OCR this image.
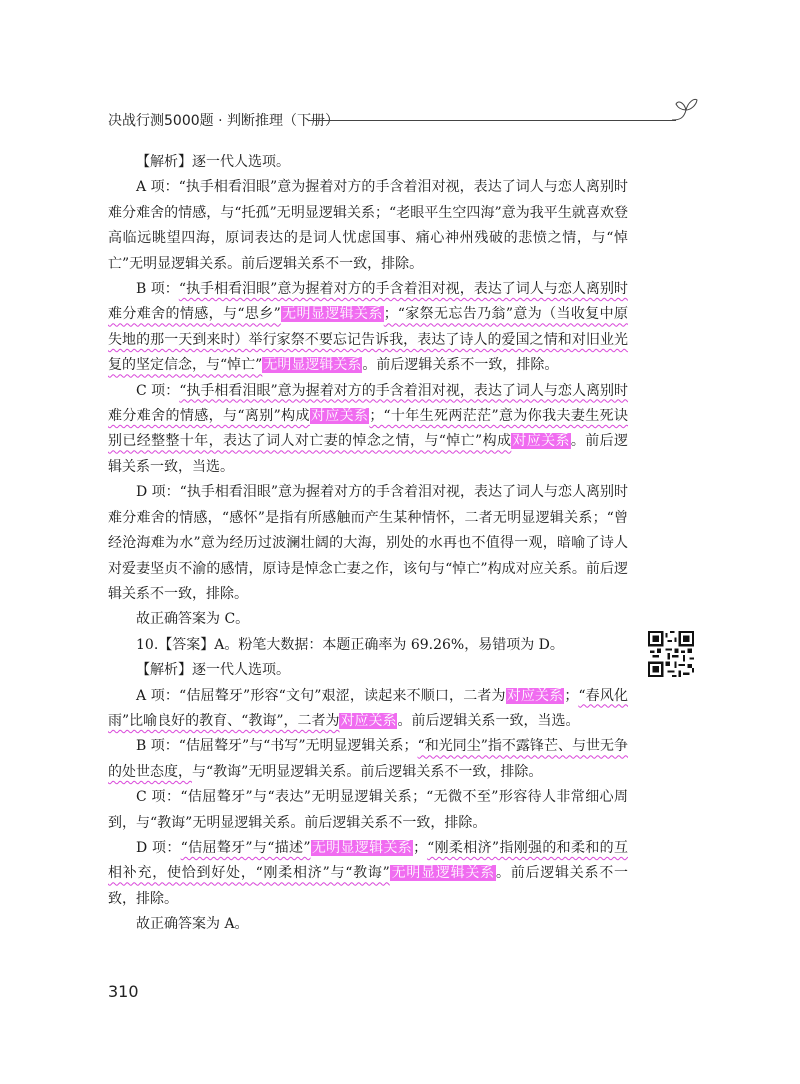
决战行测5000题 · 判断推理（下册）

【解析】逐一代人选项。

A 项：“执手相看泪眼”意为握着对方的手含着泪对视，表达了词人与恋人离别时难分难舍的情感，与“托孤”无明显逻辑关系；“老眼平生空四海”意为我平生就喜欢登高临远眺望四海，原词表达的是词人忧虑国事、痛心神州残破的悲愤之情，与“悼亡”无明显逻辑关系。前后逻辑关系不一致，排除。

B 项：“执手相看泪眼”意为握着对方的手含着泪对视，表达了词人与恋人离别时难分难舍的情感，与“思乡”无明显逻辑关系；“家祭无忘告乃翁”意为（当收复中原失地的那一天到来时）举行家祭不要忘记告诉我，表达了诗人的爱国之情和对旧业光复的坚定信念，与“悼亡”无明显逻辑关系。前后逻辑关系不一致，排除。

C 项：“执手相看泪眼”意为握着对方的手含着泪对视，表达了词人与恋人离别时难分难舍的情感，与“离别”构成对应关系；“十年生死两茫茫”意为你我夫妻生死诀别已经整整十年，表达了词人对亡妻的悼念之情，与“悼亡”构成对应关系。前后逻辑关系一致，当选。

D 项：“执手相看泪眼”意为握着对方的手含着泪对视，表达了词人与恋人离别时难分难舍的情感，“感怀”是指有所感触而产生某种情怀，二者无明显逻辑关系；“曾经沧海难为水”意为经历过波澜壮阔的大海，别处的水再也不值得一观，暗喻了诗人对爱妻坚贞不渝的感情，原诗是悼念亡妻之作，该句与“悼亡”构成对应关系。前后逻辑关系不一致，排除。

故正确答案为 C。

10.【答案】A。粉笔大数据：本题正确率为 69.26%，易错项为 D。

【解析】逐一代人选项。

A 项：“佶屈聱牙”形容“文句”艰涩，读起来不顺口，二者为对应关系；“春风化雨”比喻良好的教育、“教诲”，二者为对应关系。前后逻辑关系一致，当选。

B 项：“佶屈聱牙”与“书写”无明显逻辑关系；“和光同尘”指不露锋芒、与世无争的处世态度，与“教诲”无明显逻辑关系。前后逻辑关系不一致，排除。

C 项：“佶屈聱牙”与“表达”无明显逻辑关系；“无微不至”形容待人非常细心周到，与“教诲”无明显逻辑关系。前后逻辑关系不一致，排除。

D 项：“佶屈聱牙”与“描述”无明显逻辑关系；“刚柔相济”指刚强的和柔和的互相补充，使恰到好处，“刚柔相济”与“教诲”无明显逻辑关系。前后逻辑关系不一致，排除。

故正确答案为 A。

310
